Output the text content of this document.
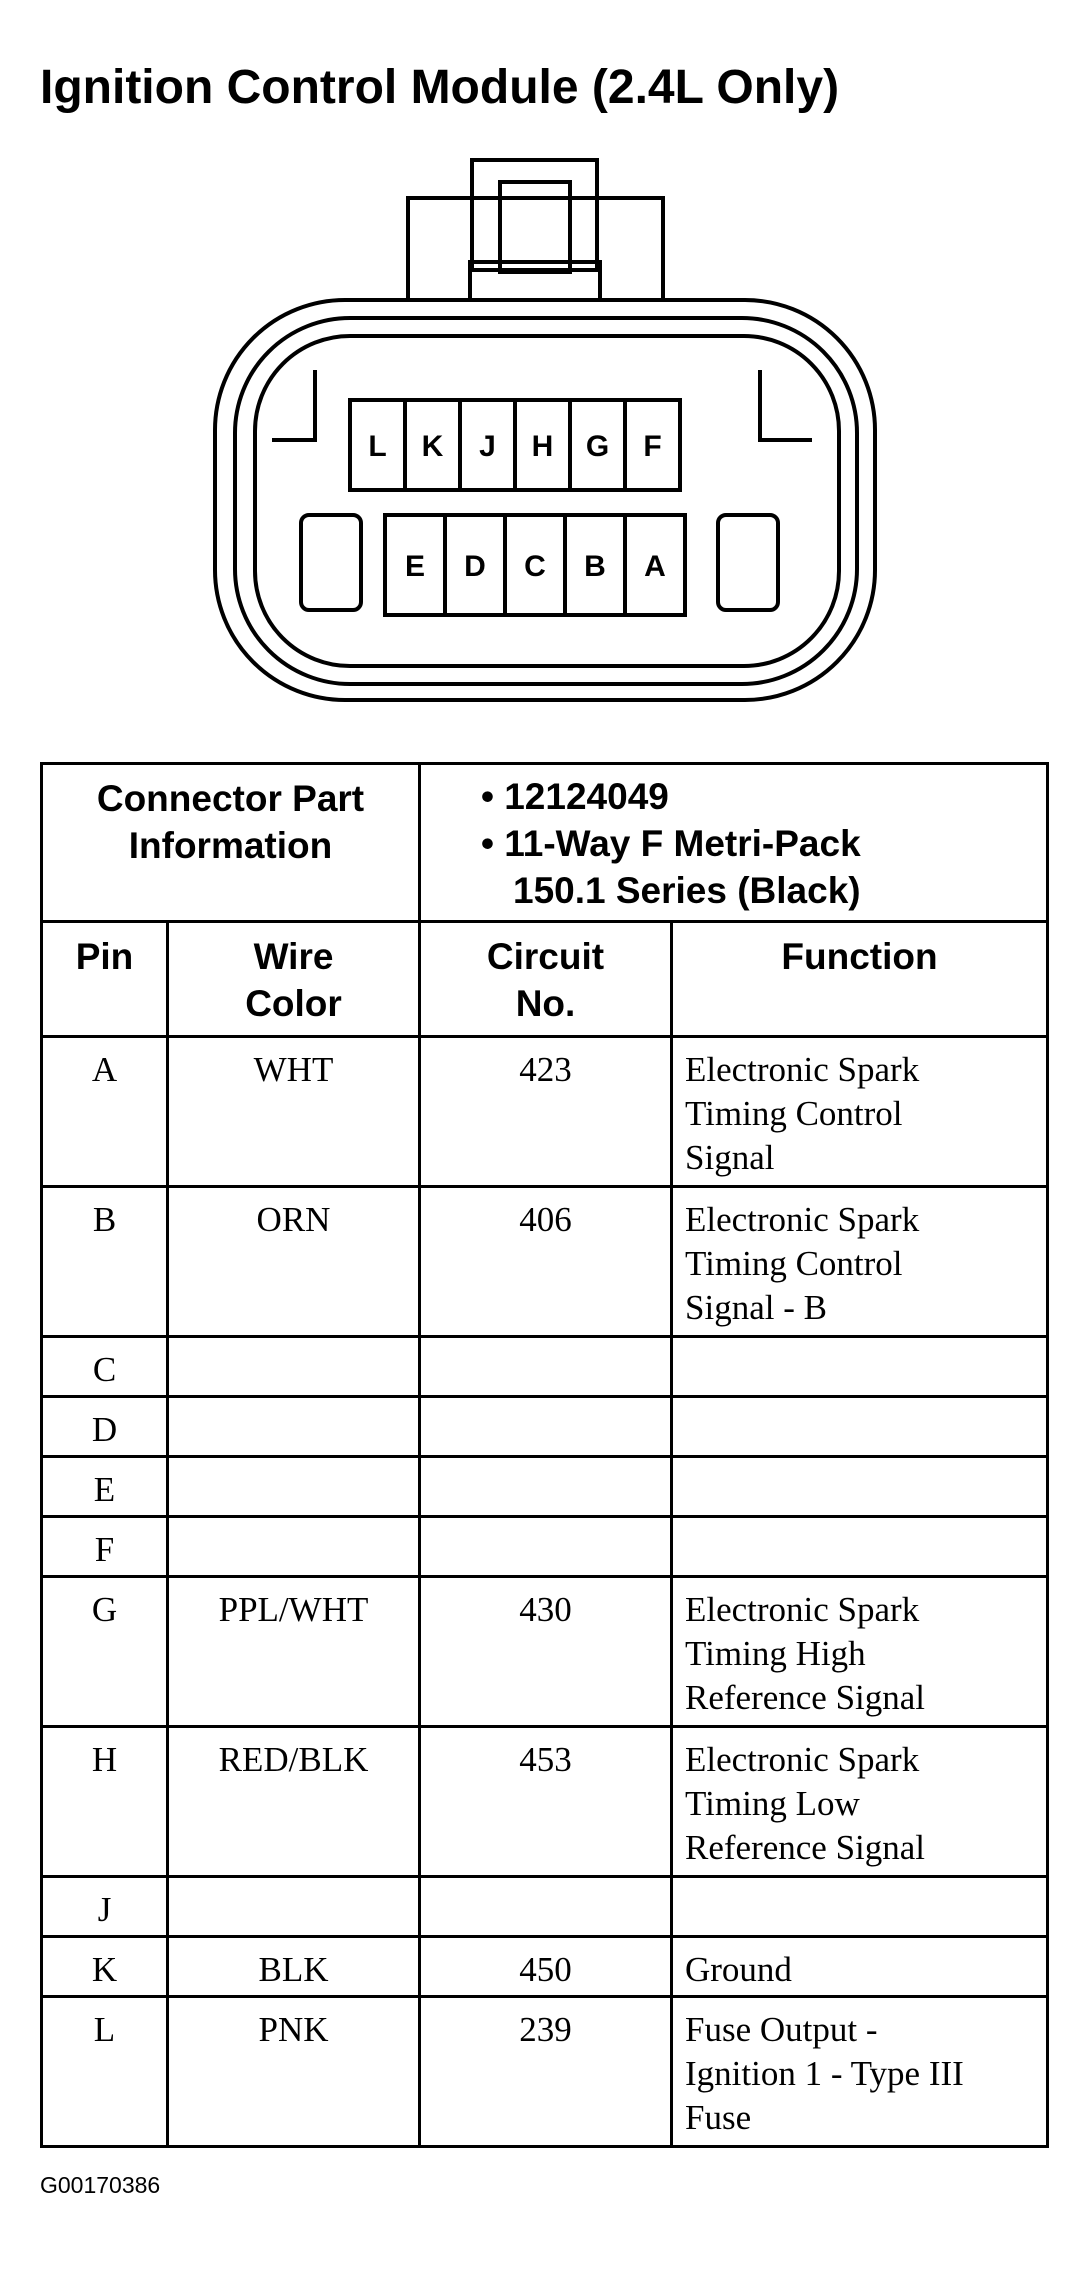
Ignition Control Module (2.4L Only)
L K J H G F
E D C B A
Connector Part Information		• 12124049
• 11-Way F Metri-Pack
150.1 Series (Black)	

Pin	Wire Color	Circuit No.	Function
A	WHT	423	Electronic Spark
Timing Control
Signal
B	ORN	406	Electronic Spark
Timing Control
Signal - B
C			
D			
E			
F			
G	PPL/WHT	430	Electronic Spark
Timing High
Reference Signal
H	RED/BLK	453	Electronic Spark
Timing Low
Reference Signal
J			
K	BLK	450	Ground
L	PNK	239	Fuse Output -
Ignition 1 - Type III
Fuse
G00170386
